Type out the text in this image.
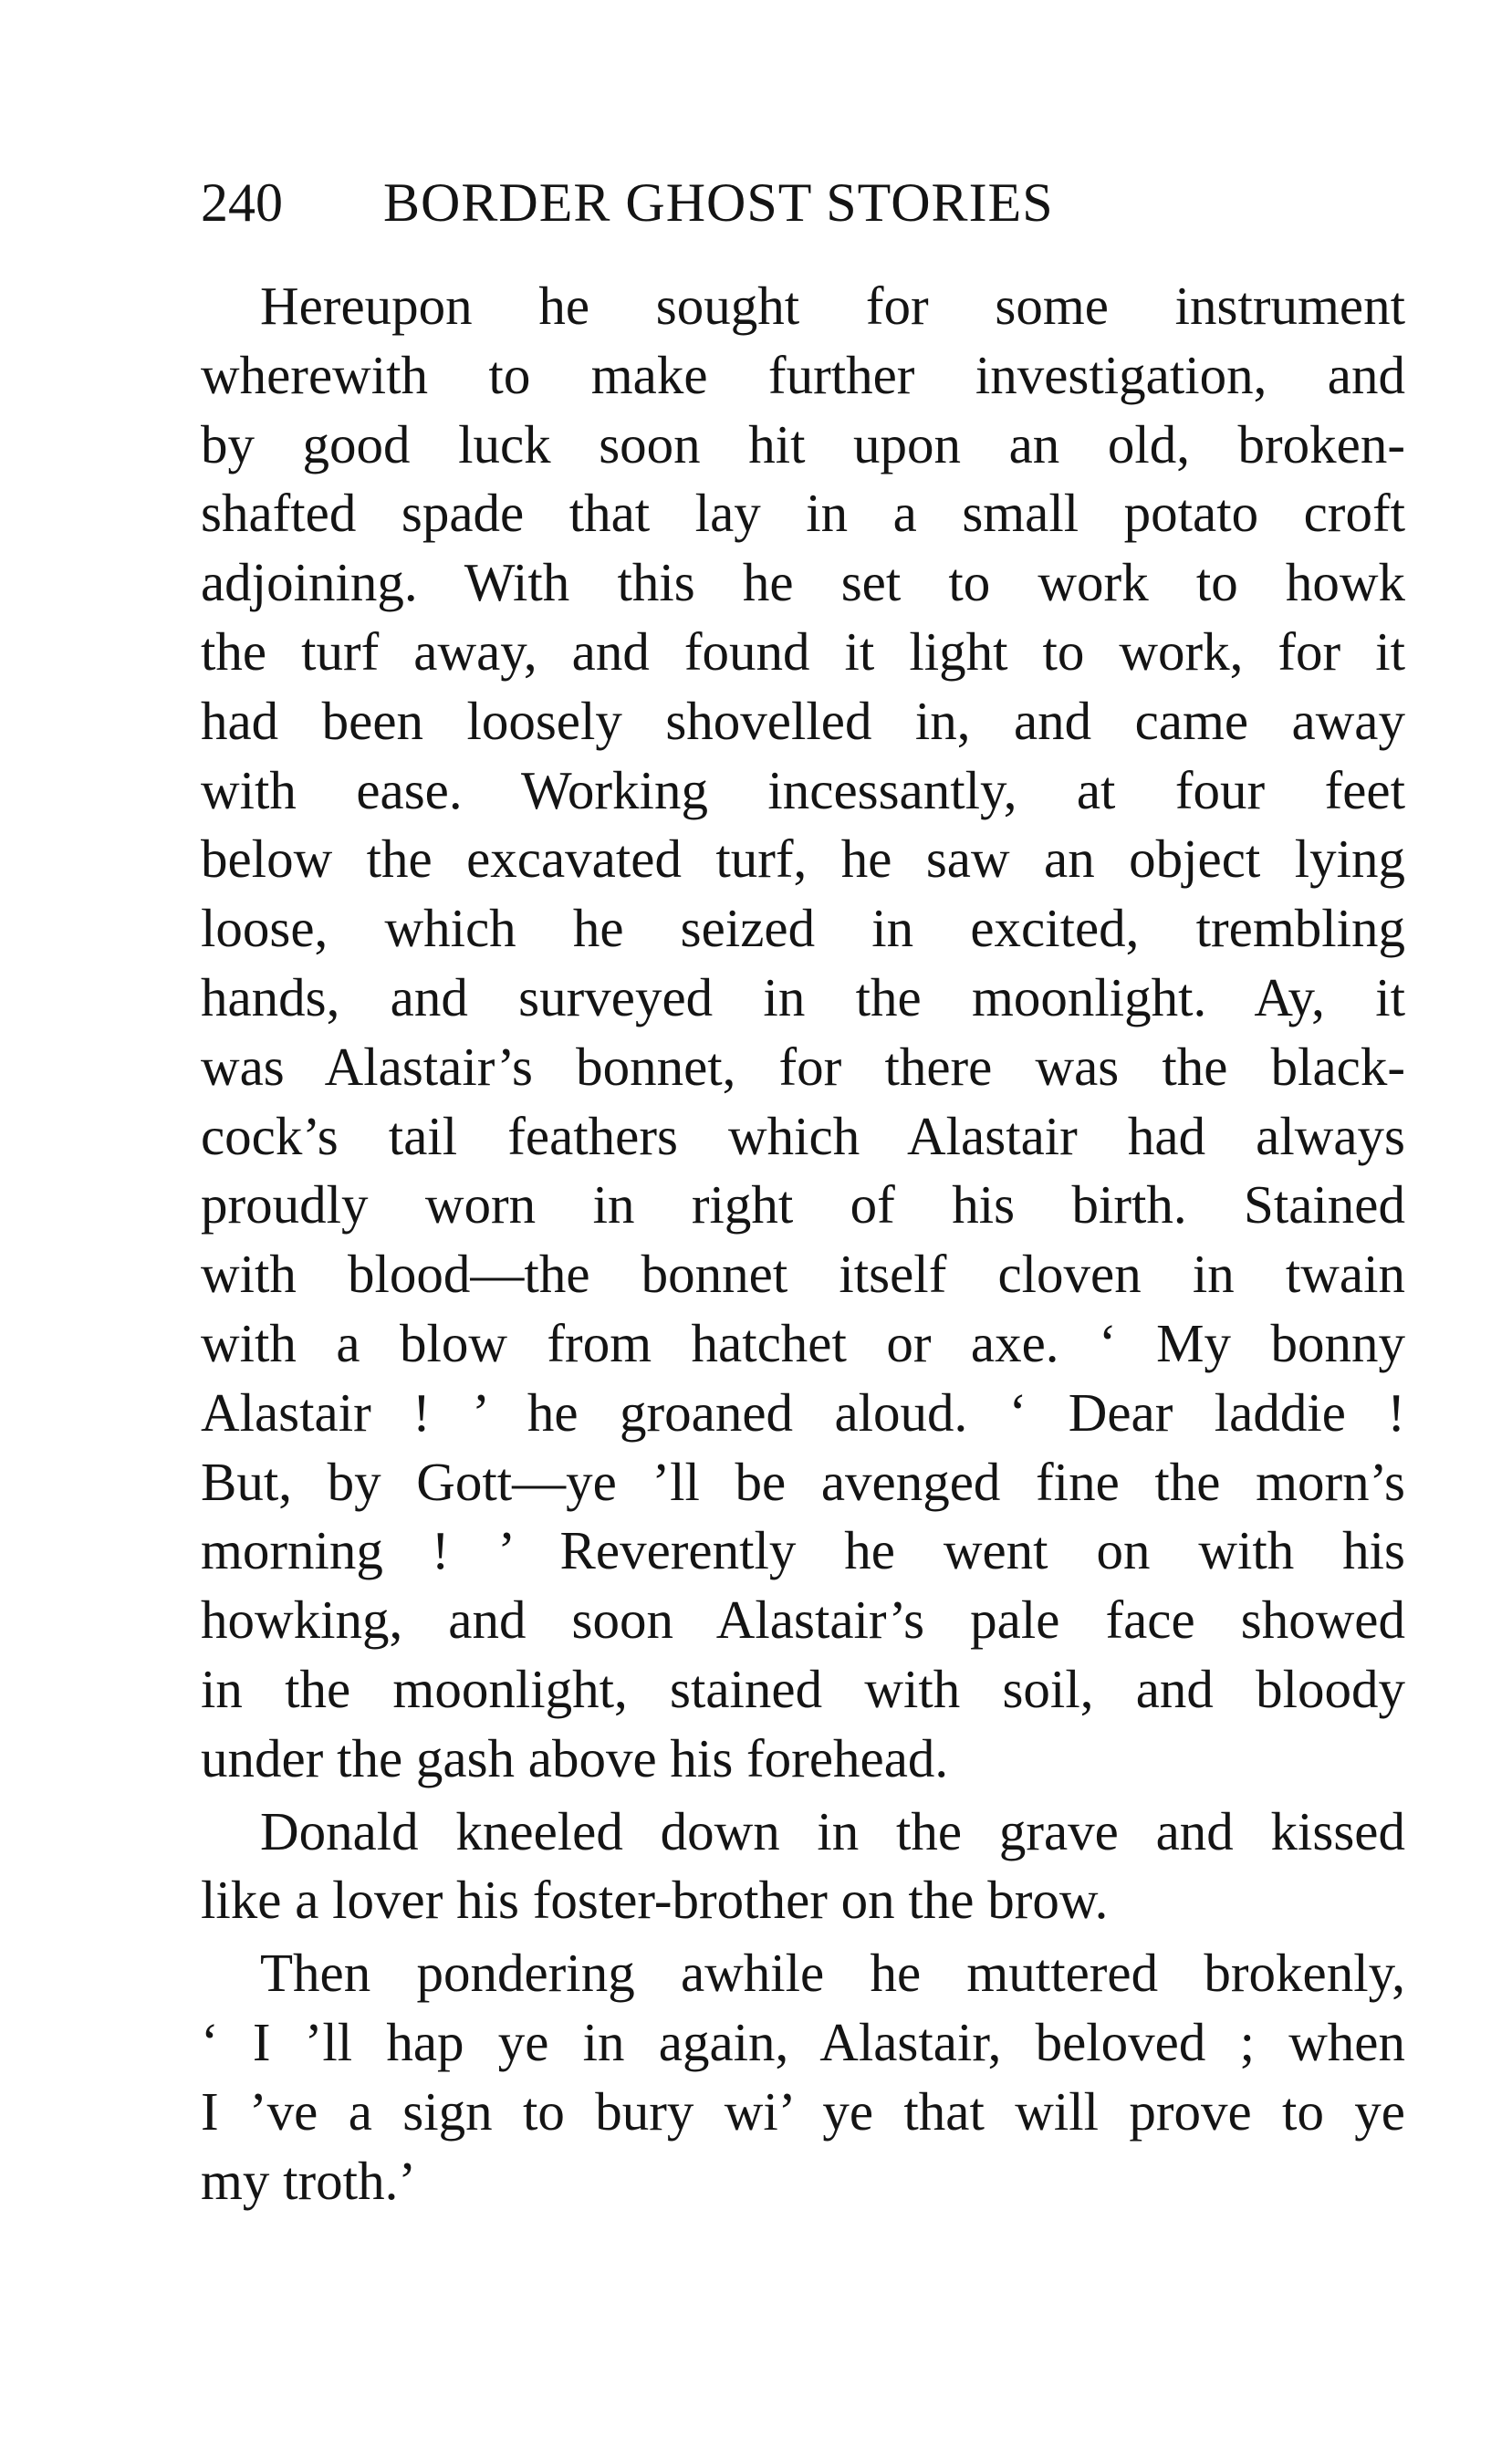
240 BORDER GHOST STORIES
Hereupon he sought for some instrument
wherewith to make further investigation, and
by good luck soon hit upon an old, broken-
shafted spade that lay in a small potato croft
adjoining. With this he set to work to howk
the turf away, and found it light to work, for it
had been loosely shovelled in, and came away
with ease. Working incessantly, at four feet
below the excavated turf, he saw an object lying
loose, which he seized in excited, trembling
hands, and surveyed in the moonlight. Ay, it
was Alastair’s bonnet, for there was the black-
cock’s tail feathers which Alastair had always
proudly worn in right of his birth. Stained
with blood—the bonnet itself cloven in twain
with a blow from hatchet or axe. ‘ My bonny
Alastair ! ’ he groaned aloud. ‘ Dear laddie !
But, by Gott—ye ’ll be avenged fine the morn’s
morning ! ’ Reverently he went on with his
howking, and soon Alastair’s pale face showed
in the moonlight, stained with soil, and bloody
under the gash above his forehead.
Donald kneeled down in the grave and kissed
like a lover his foster-brother on the brow.
Then pondering awhile he muttered brokenly,
‘ I ’ll hap ye in again, Alastair, beloved ; when
I ’ve a sign to bury wi’ ye that will prove to ye
my troth.’
